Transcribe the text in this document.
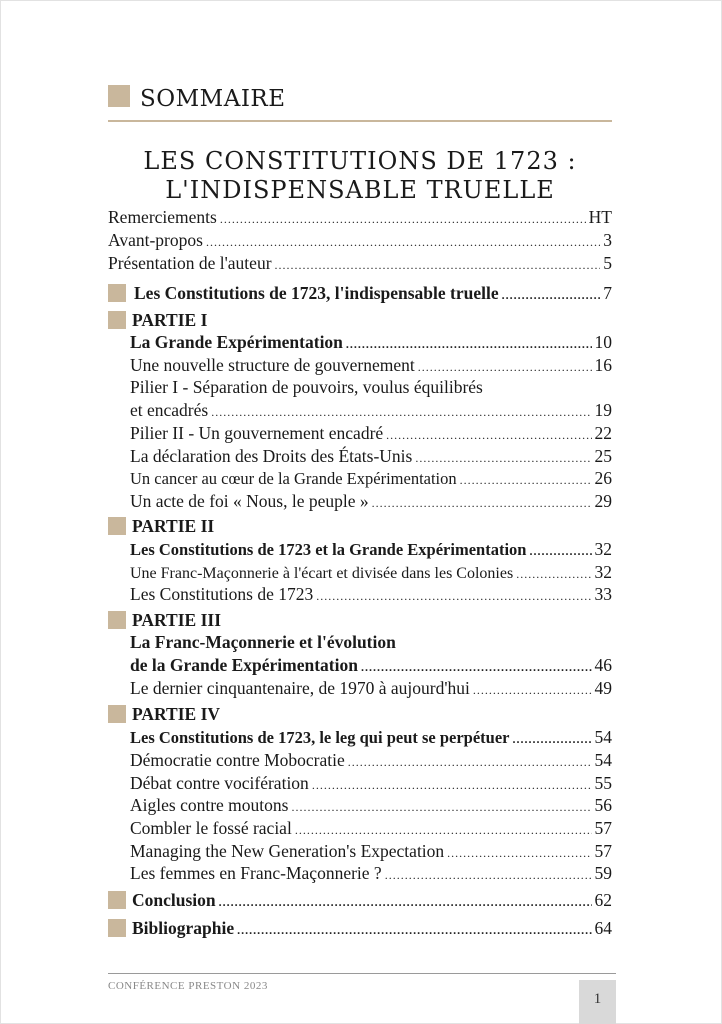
SOMMAIRE
LES CONSTITUTIONS DE 1723 :
L'INDISPENSABLE TRUELLE
Remerciements . . .	HT
Avant-propos . . .	3
Présentation de l'auteur . . .	5
Les Constitutions de 1723, l'indispensable truelle . . .	7
PARTIE I
La Grande Expérimentation . . .	10
Une nouvelle structure de gouvernement . . .	16
Pilier I - Séparation de pouvoirs, voulus équilibrés
et encadrés . . .	19
Pilier II - Un gouvernement encadré . . .	22
La déclaration des Droits des États-Unis . . .	25
Un cancer au cœur de la Grande Expérimentation . . .	26
Un acte de foi « Nous, le peuple » . . .	29
PARTIE II
Les Constitutions de 1723 et la Grande Expérimentation . . .	32
Une Franc-Maçonnerie à l'écart et divisée dans les Colonies . . .	32
Les Constitutions de 1723 . . .	33
PARTIE III
La Franc-Maçonnerie et l'évolution
de la Grande Expérimentation . . .	46
Le dernier cinquantenaire, de 1970 à aujourd'hui . . .	49
PARTIE IV
Les Constitutions de 1723, le leg qui peut se perpétuer . . .	54
Démocratie contre Mobocratie . . .	54
Débat contre vocifération . . .	55
Aigles contre moutons . . .	56
Combler le fossé racial . . .	57
Managing the New Generation's Expectation . . .	57
Les femmes en Franc-Maçonnerie ? . . .	59
Conclusion . . .	62
Bibliographie . . .	64
CONFÉRENCE PRESTON 2023
1
